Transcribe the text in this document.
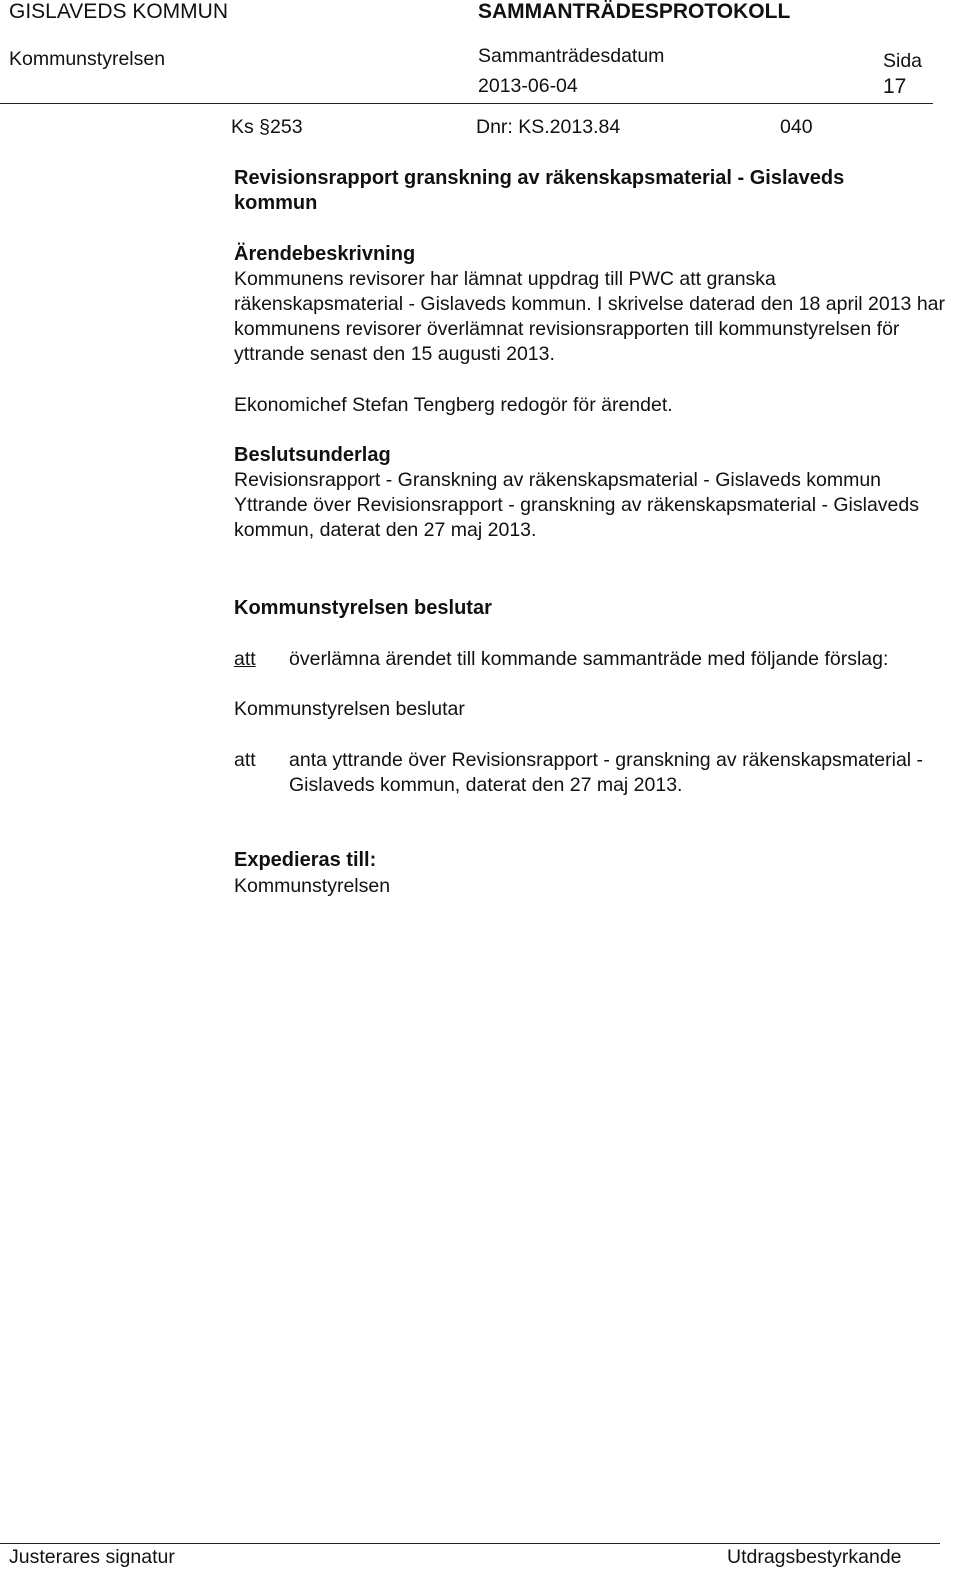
GISLAVEDS KOMMUN	SAMMANTRÄDESPROTOKOLL
Kommunstyrelsen	Sammanträdesdatum
2013-06-04
Sida
17
Ks §253	Dnr: KS.2013.84	040

Revisionsrapport granskning av räkenskapsmaterial - Gislaveds

kommun

Ärendebeskrivning

Kommunens revisorer har lämnat uppdrag till PWC att granska

räkenskapsmaterial - Gislaveds kommun. I skrivelse daterad den 18 april 2013 har

kommunens revisorer överlämnat revisionsrapporten till kommunstyrelsen för

yttrande senast den 15 augusti 2013.

Ekonomichef Stefan Tengberg redogör för ärendet.

Beslutsunderlag

Revisionsrapport - Granskning av räkenskapsmaterial - Gislaveds kommun

Yttrande över Revisionsrapport - granskning av räkenskapsmaterial - Gislaveds

kommun, daterat den 27 maj 2013.

Kommunstyrelsen beslutar
att överlämna ärendet till kommande sammanträde med följande förslag:
Kommunstyrelsen beslutar
att anta yttrande över Revisionsrapport - granskning av räkenskapsmaterial -
Gislaveds kommun, daterat den 27 maj 2013.
Expedieras till:
Kommunstyrelsen
Justerares signatur	Utdragsbestyrkande
